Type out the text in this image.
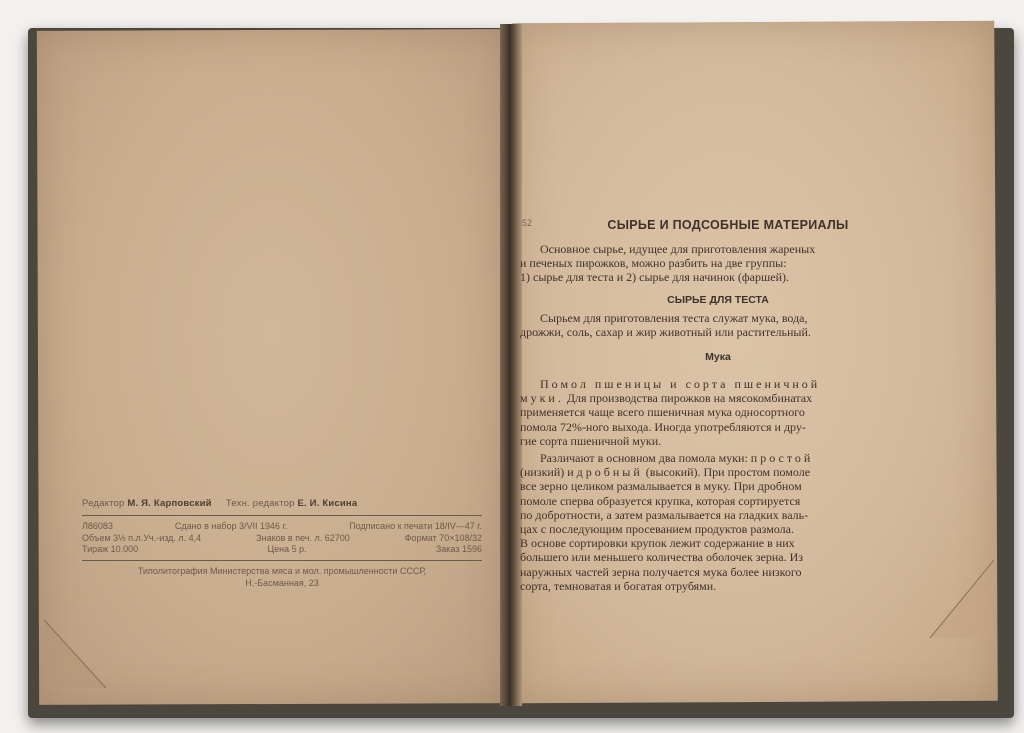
Редактор М. Я. Карповский Техн. редактор Е. И. Кисина
Л86083	Сдано в набор 3/VII 1946 г.	Подписано к печати 18/IV—47 г.
Объем 3½ п.л.Уч.-изд. л. 4,4	Знаков в печ. л. 62700	Формат 70×108/32
Тираж 10.000	Цена 5 р.	Заказ 1596
Типолитография Министерства мяса и мол. промышленности СССР,
Н.-Басманная, 23
52	СЫРЬЕ И ПОДСОБНЫЕ МАТЕРИАЛЫ

Основное сырье, идущее для приготовления жареных
и печеных пирожков, можно разбить на две группы:
1) сырье для теста и 2) сырье для начинок (фаршей).

СЫРЬЕ ДЛЯ ТЕСТА

Сырьем для приготовления теста служат мука, вода,
дрожжи, соль, сахар и жир животный или растительный.

Мука

Помол пшеницы и сорта пшеничной
муки. Для производства пирожков на мясокомбинатах
применяется чаще всего пшеничная мука односортного
помола 72%-ного выхода. Иногда употребляются и дру-
гие сорта пшеничной муки.

Различают в основном два помола муки: простой
(низкий) и дробный (высокий). При простом помоле
все зерно целиком размалывается в муку. При дробном
помоле сперва образуется крупка, которая сортируется
по добротности, а затем размалывается на гладких валь-
цах с последующим просеванием продуктов размола.
В основе сортировки крупок лежит содержание в них
большего или меньшего количества оболочек зерна. Из
наружных частей зерна получается мука более низкого
сорта, темноватая и богатая отрубями.
